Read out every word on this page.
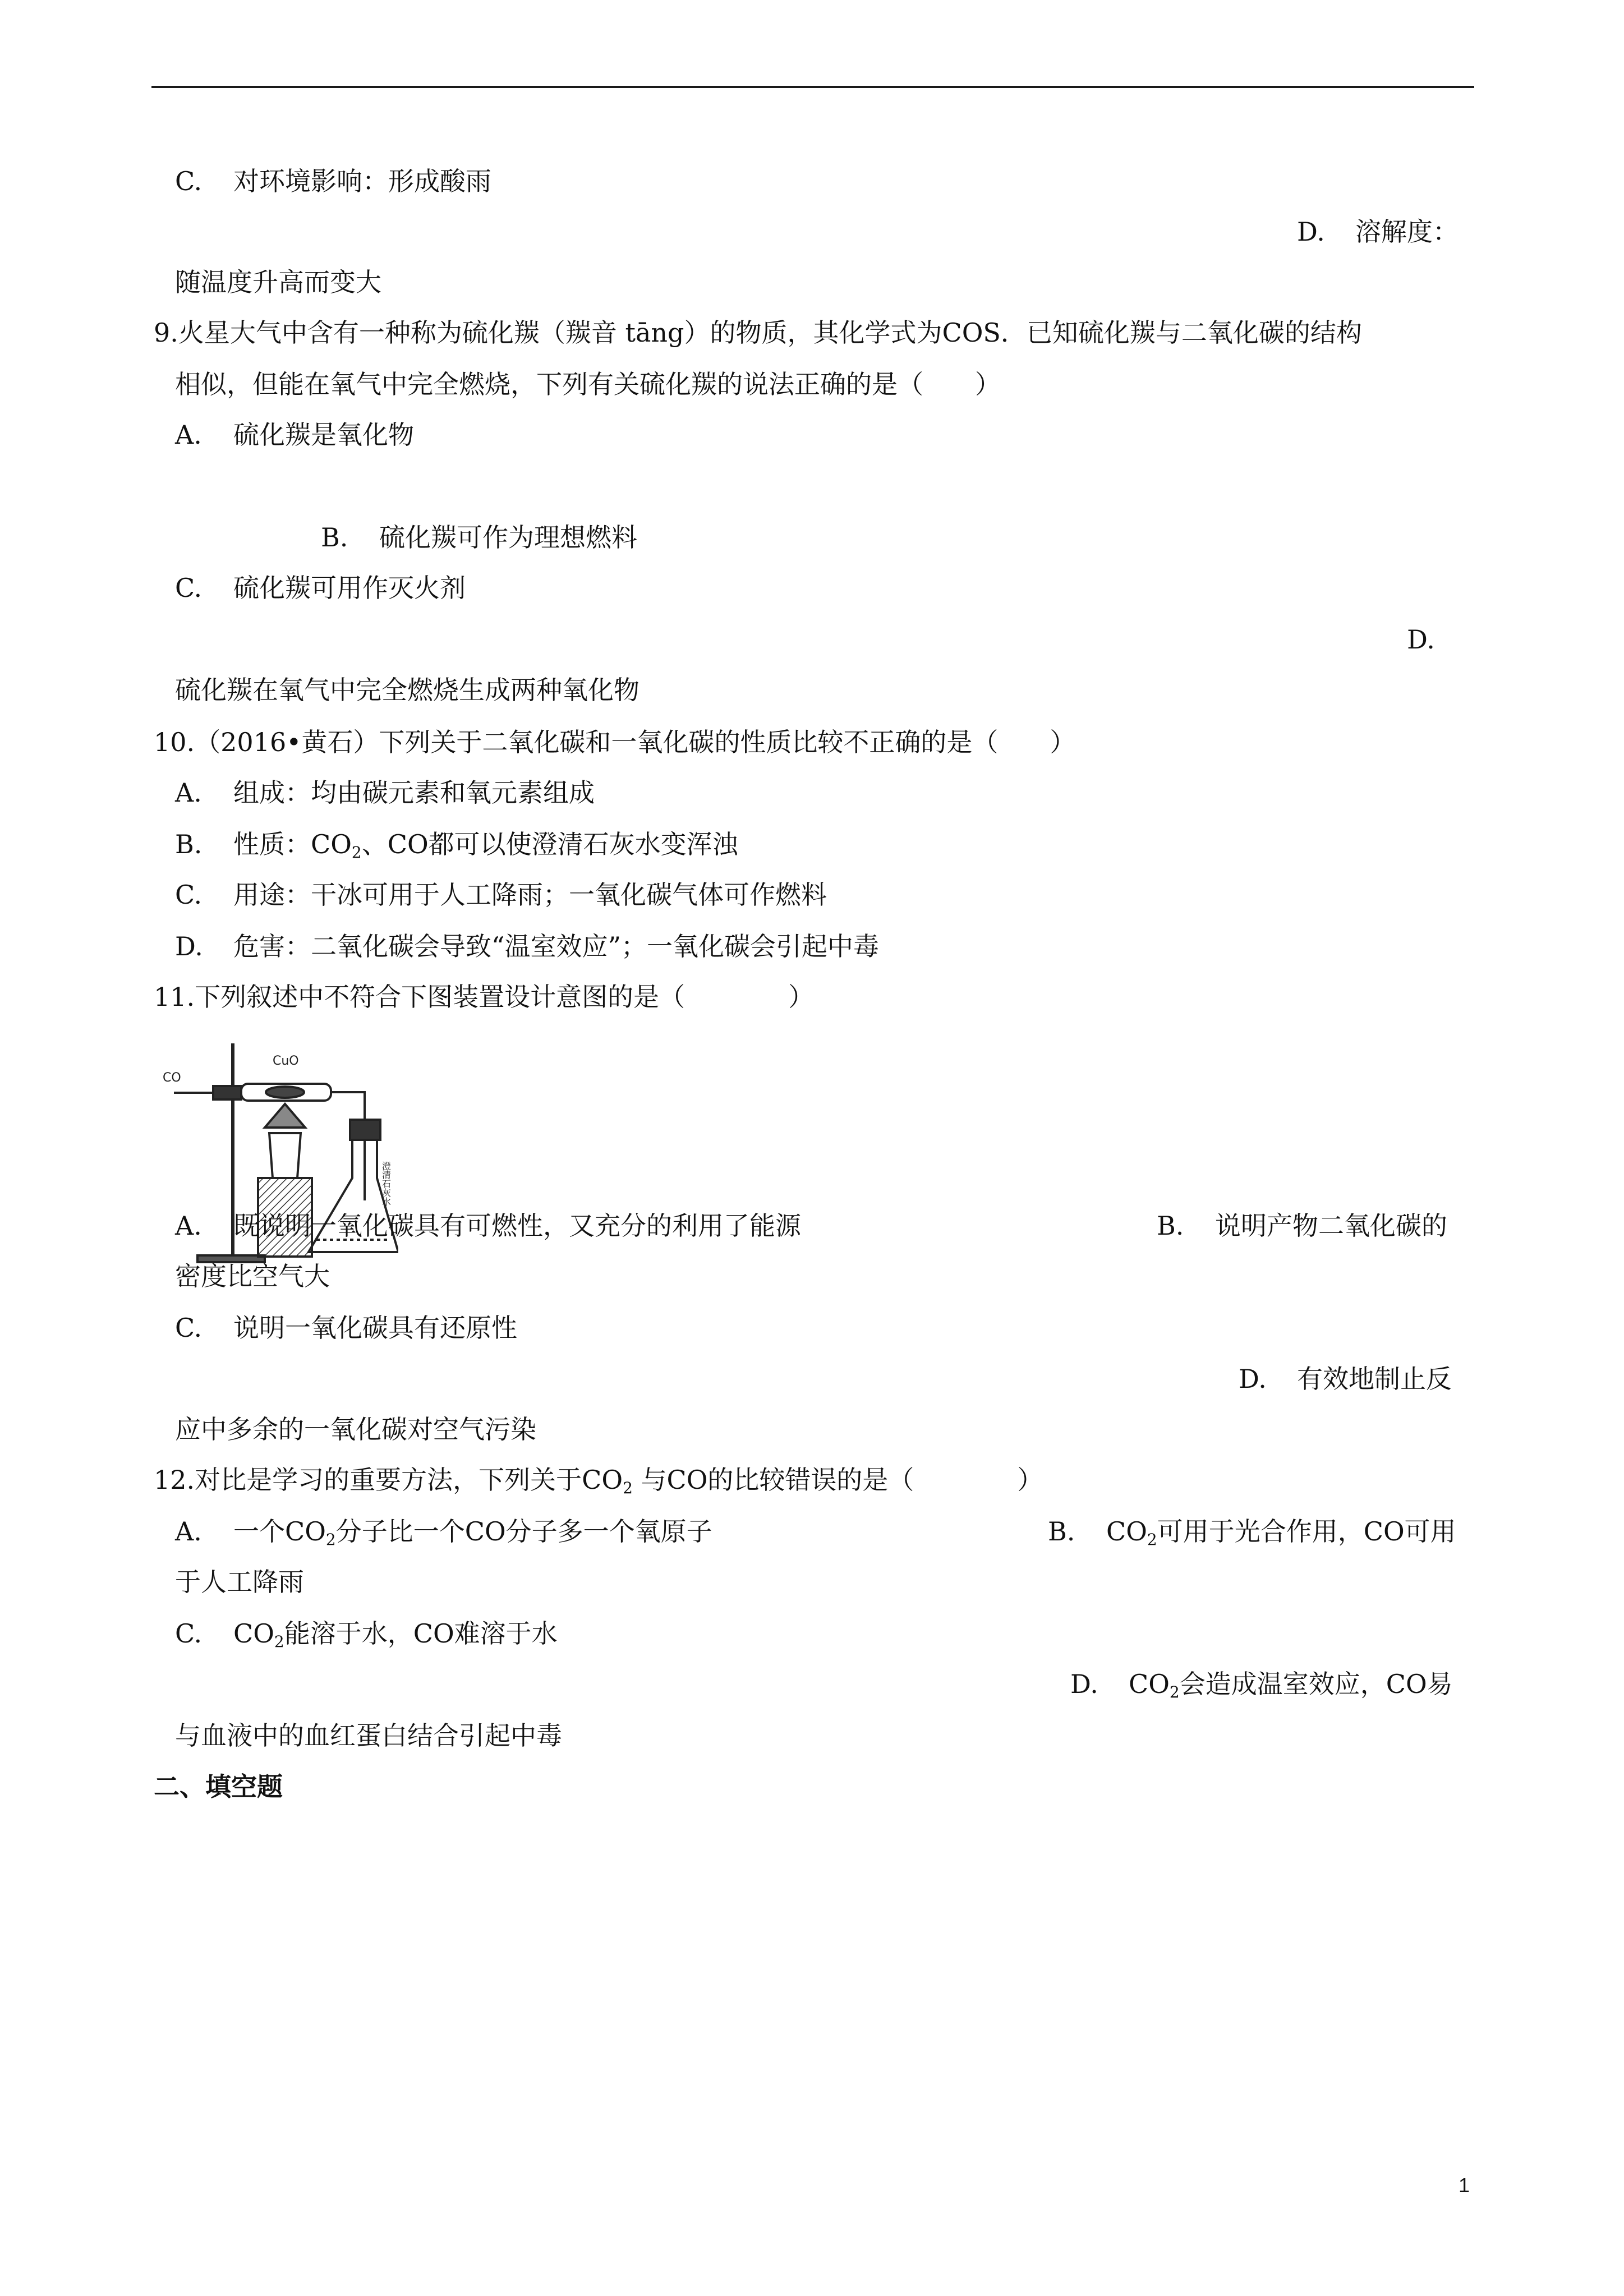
C. 对环境影响：形成酸雨
D. 溶解度：
随温度升高而变大
9.火星大气中含有一种称为硫化羰（羰音 tāng）的物质，其化学式为COS．已知硫化羰与二氧化碳的结构
相似，但能在氧气中完全燃烧，下列有关硫化羰的说法正确的是（　　）
A. 硫化羰是氧化物
B. 硫化羰可作为理想燃料
C. 硫化羰可用作灭火剂
D.
硫化羰在氧气中完全燃烧生成两种氧化物
10.（2016•黄石）下列关于二氧化碳和一氧化碳的性质比较不正确的是（　　）
A. 组成：均由碳元素和氧元素组成
B. 性质：$CO_2$、CO都可以使澄清石灰水变浑浊
C. 用途：干冰可用于人工降雨；一氧化碳气体可作燃料
D. 危害：二氧化碳会导致“温室效应”；一氧化碳会引起中毒
11.下列叙述中不符合下图装置设计意图的是（　　　　）
CO
CuO
澄清石灰水
A. 既说明一氧化碳具有可燃性，又充分的利用了能源	B. 说明产物二氧化碳的
密度比空气大
C. 说明一氧化碳具有还原性
D. 有效地制止反
应中多余的一氧化碳对空气污染
12.对比是学习的重要方法，下列关于$CO_2$ 与CO的比较错误的是（　　　　）
A. 一个$CO_2$分子比一个CO分子多一个氧原子	B. $CO_2$可用于光合作用，CO可用
于人工降雨
C. $CO_2$能溶于水，CO难溶于水
D. $CO_2$会造成温室效应，CO易
与血液中的血红蛋白结合引起中毒
二、填空题
1
